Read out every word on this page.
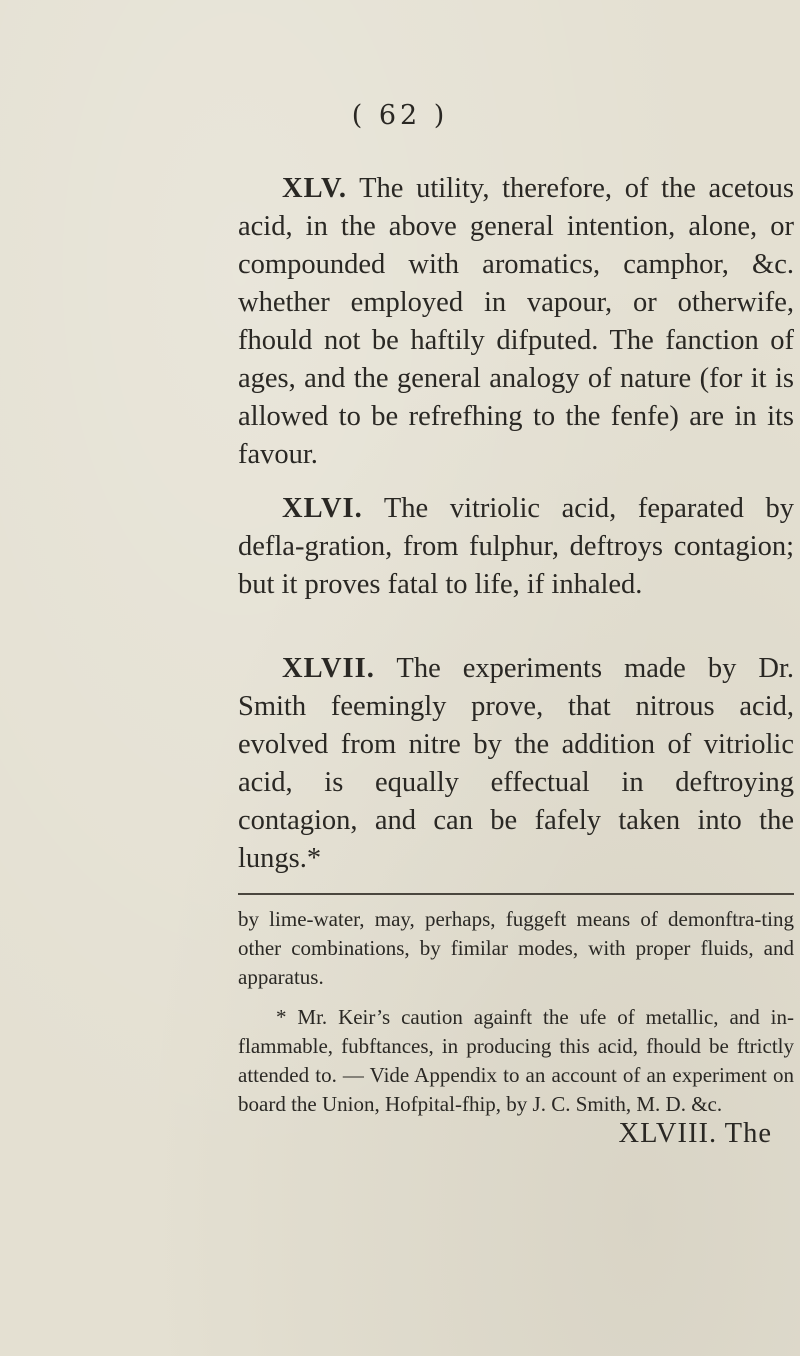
( 62 )

XLV. The utility, therefore, of the acetous acid, in the above general intention, alone, or compounded with aromatics, camphor, &c. whether employed in vapour, or otherwife, fhould not be haftily difputed. The fanction of ages, and the general analogy of nature (for it is allowed to be refrefhing to the fenfe) are in its favour.

XLVI. The vitriolic acid, feparated by defla-gration, from fulphur, deftroys contagion; but it proves fatal to life, if inhaled.

XLVII. The experiments made by Dr. Smith feemingly prove, that nitrous acid, evolved from nitre by the addition of vitriolic acid, is equally effectual in deftroying contagion, and can be fafely taken into the lungs.*

by lime-water, may, perhaps, fuggeft means of demonftra-ting other combinations, by fimilar modes, with proper fluids, and apparatus.

* Mr. Keir’s caution againft the ufe of metallic, and in-flammable, fubftances, in producing this acid, fhould be ftrictly attended to. — Vide Appendix to an account of an experiment on board the Union, Hofpital-fhip, by J. C. Smith, M. D. &c.

XLVIII. The
